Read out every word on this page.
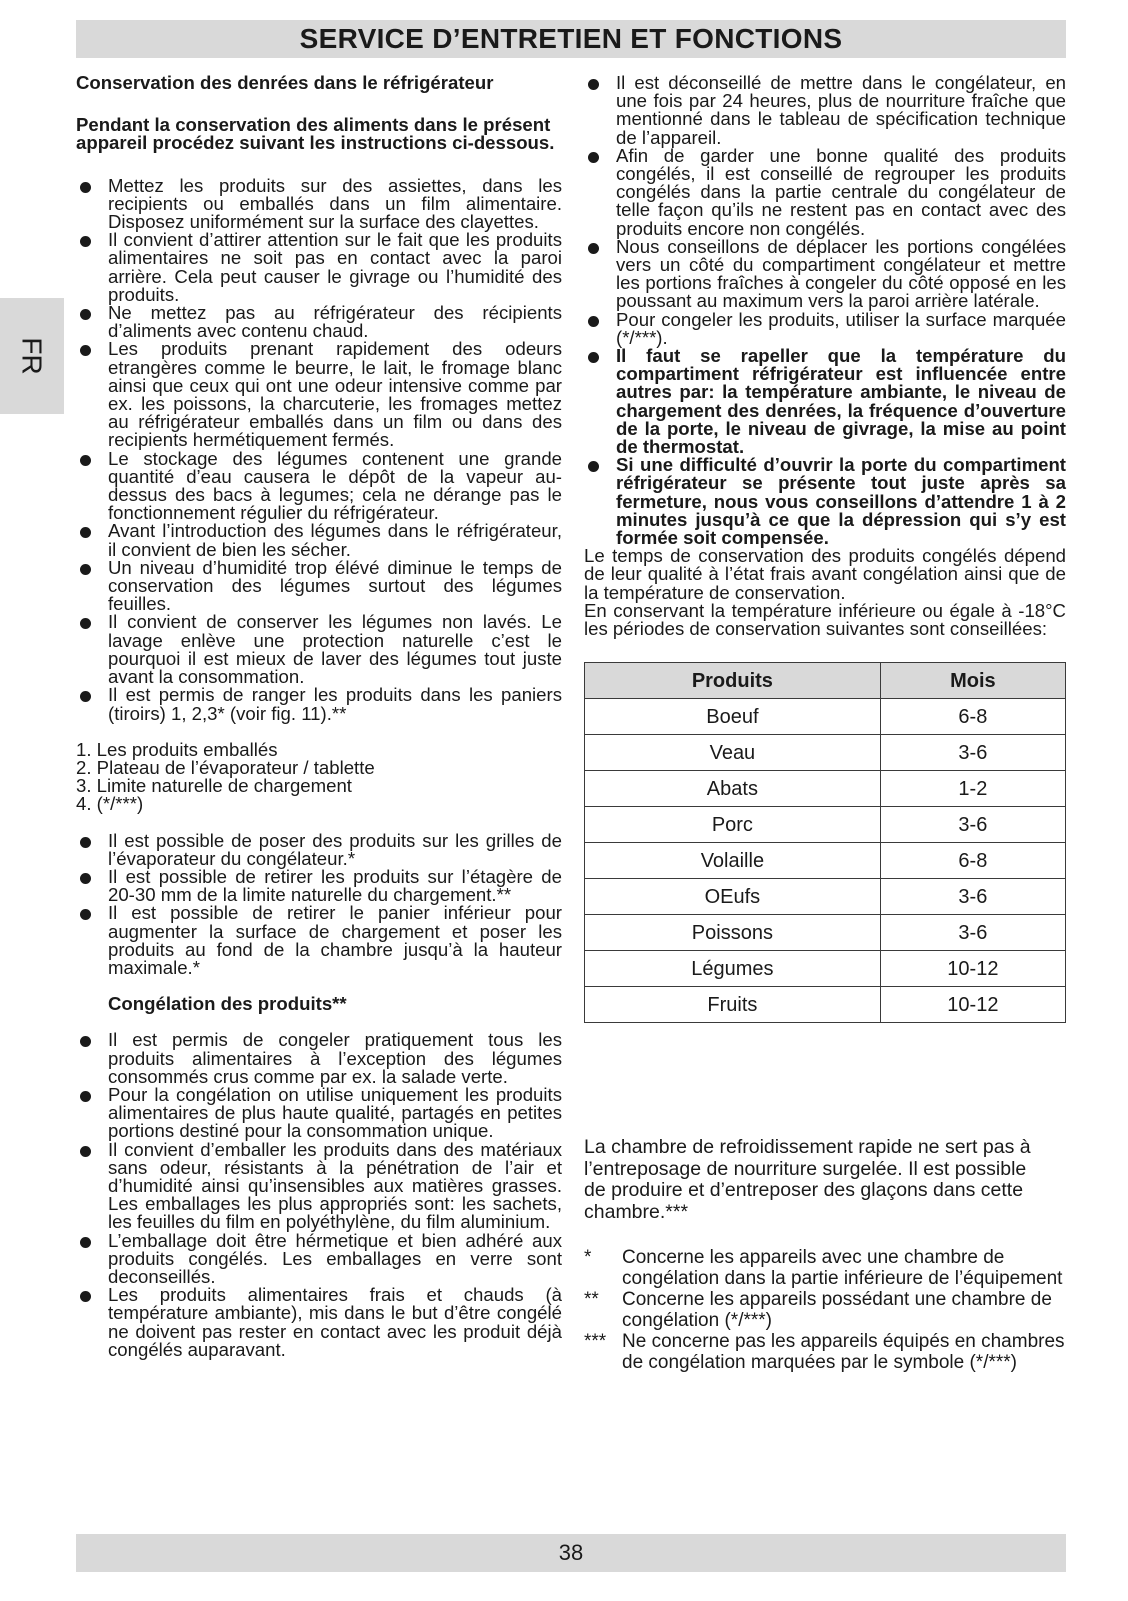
SERVICE D’ENTRETIEN ET FONCTIONS
FR

Conservation des denrées dans le réfrigérateur

Pendant la conservation des aliments dans le présent appareil procédez suivant les instructions ci-dessous.

Mettez les produits sur des assiettes, dans les recipients ou emballés dans un film alimentaire. Disposez uniformément sur la surface des clayettes.
Il convient d’attirer attention sur le fait que les produits alimentaires ne soit pas en contact avec la paroi arrière. Cela peut causer le givrage ou l’humidité des produits.
Ne mettez pas au réfrigérateur des récipients d’aliments avec contenu chaud.
Les produits prenant rapidement des odeurs etrangères comme le beurre, le lait, le fromage blanc ainsi que ceux qui ont une odeur intensive comme par ex. les poissons, la charcuterie, les fromages mettez au réfrigérateur emballés dans un film ou dans des recipients hermétiquement fermés.
Le stockage des légumes contenent une grande quantité d’eau causera le dépôt de la vapeur au-dessus des bacs à legumes; cela ne dérange pas le fonctionnement régulier du réfrigérateur.
Avant l’introduction des légumes dans le réfrigérateur, il convient de bien les sécher.
Un niveau d’humidité trop élévé diminue le temps de conservation des légumes surtout des légumes feuilles.
Il convient de conserver les légumes non lavés. Le lavage enlève une protection naturelle c’est le pourquoi il est mieux de laver des légumes tout juste avant la consommation.
Il est permis de ranger les produits dans les paniers (tiroirs) 1, 2,3* (voir fig. 11).**

1. Les produits emballés

2. Plateau de l’évaporateur / tablette

3. Limite naturelle de chargement

4. (*/***)

Il est possible de poser des produits sur les grilles de l’évaporateur du congélateur.*
Il est possible de retirer les produits sur l’étagère de 20-30 mm de la limite naturelle du chargement.**
Il est possible de retirer le panier inférieur pour augmenter la surface de chargement et poser les produits au fond de la chambre jusqu’à la hauteur maximale.*

Congélation des produits**

Il est permis de congeler pratiquement tous les produits alimentaires à l’exception des légumes consommés crus comme par ex. la salade verte.
Pour la congélation on utilise uniquement les produits alimentaires de plus haute qualité, partagés en petites portions destiné pour la consommation unique.
Il convient d’emballer les produits dans des matériaux sans odeur, résistants à la pénétration de l’air et d’humidité ainsi qu’insensibles aux matières grasses. Les emballages les plus appropriés sont: les sachets, les feuilles du film en polyéthylène, du film aluminium.
L’emballage doit être hérmetique et bien adhéré aux produits congélés. Les emballages en verre sont deconseillés.
Les produits alimentaires frais et chauds (à température ambiante), mis dans le but d’être congélé ne doivent pas rester en contact avec les produit déjà congélés auparavant.
Il est déconseillé de mettre dans le congélateur, en une fois par 24 heures, plus de nourriture fraîche que mentionné dans le tableau de spécification technique de l’appareil.
Afin de garder une bonne qualité des produits congélés, il est conseillé de regrouper les produits congélés dans la partie centrale du congélateur de telle façon qu’ils ne restent pas en contact avec des produits encore non congélés.
Nous conseillons de déplacer les portions congélées vers un côté du compartiment congélateur et mettre les portions fraîches à congeler du côté opposé en les poussant au maximum vers la paroi arrière latérale.
Pour congeler les produits, utiliser la surface marquée (*/***).
Il faut se rapeller que la température du compartiment réfrigérateur est influencée entre autres par: la température ambiante, le niveau de chargement des denrées, la fréquence d’ouverture de la porte, le niveau de givrage, la mise au point de thermostat.
Si une difficulté d’ouvrir la porte du compartiment réfrigérateur se présente tout juste après sa fermeture, nous vous conseillons d’attendre 1 à 2 minutes jusqu’à ce que la dépression qui s’y est formée soit compensée.

Le temps de conservation des produits congélés dépend de leur qualité à l’état frais avant congélation ainsi que de la température de conservation.

En conservant la température inférieure ou égale à -18°C les périodes de conservation suivantes sont conseillées:

Produits	Mois
Boeuf	6-8
Veau	3-6
Abats	1-2
Porc	3-6
Volaille	6-8
OEufs	3-6
Poissons	3-6
Légumes	10-12
Fruits	10-12

La chambre de refroidissement rapide ne sert pas à l’entreposage de nourriture surgelée. Il est possible de produire et d’entreposer des glaçons dans cette chambre.***

*	Concerne les appareils avec une chambre de congélation dans la partie inférieure de l’équipement
**	Concerne les appareils possédant une chambre de congélation (*/***)
*** Ne concerne pas les appareils équipés en chambres de congélation marquées par le symbole (*/***)
38
